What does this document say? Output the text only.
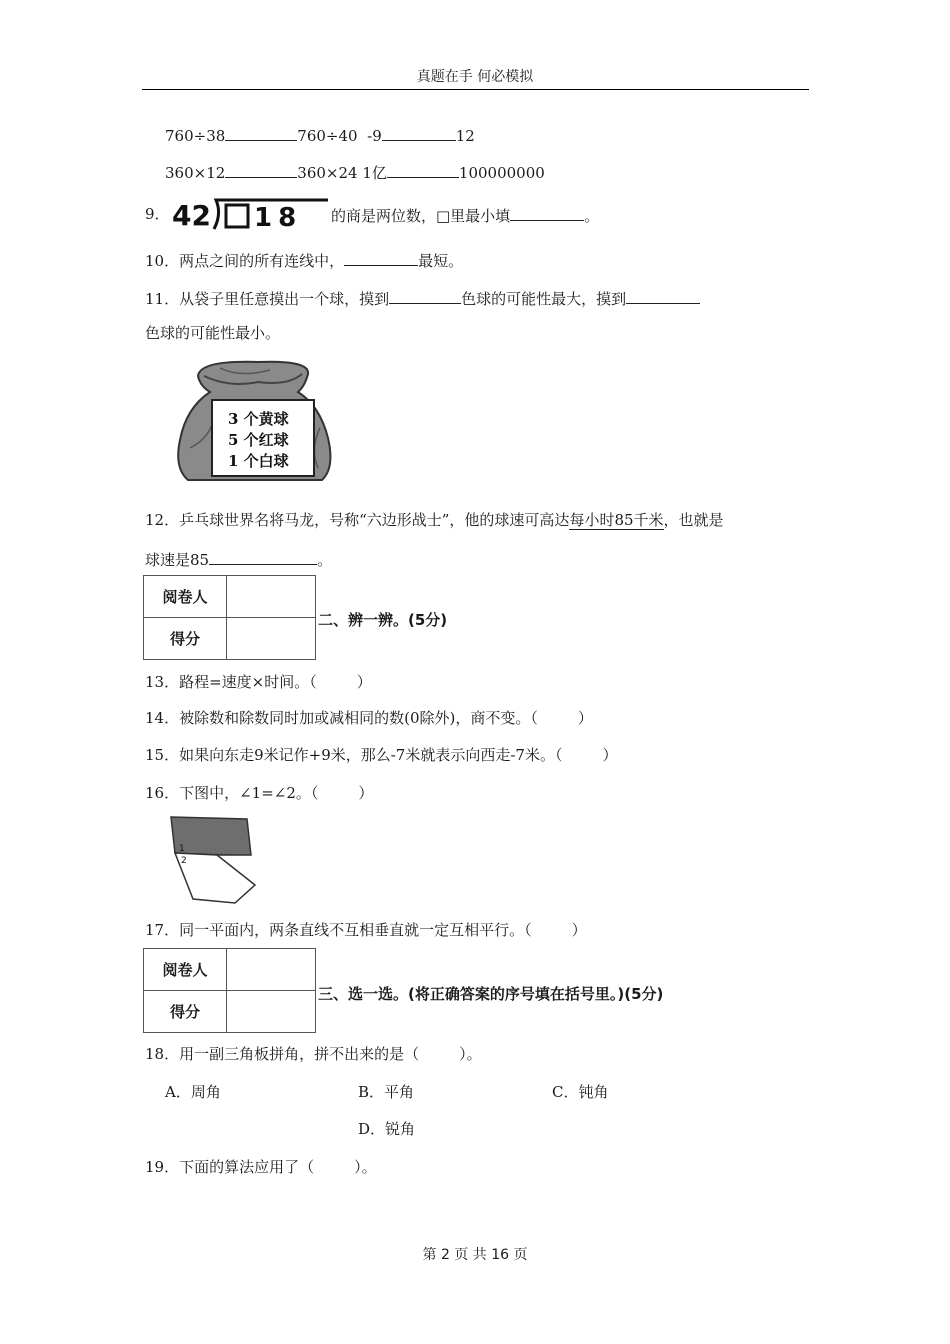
真题在手 何必模拟
760÷38	760÷40 -9	12
360×12	360×24 1亿	100000000
9． 42 18 的商是两位数，□里最小填	。
10．两点之间的所有连线中，	最短。
11．从袋子里任意摸出一个球，摸到	色球的可能性最大，摸到
色球的可能性最小。
3 个黄球
5 个红球
1 个白球
12．乒乓球世界名将马龙，号称“六边形战士”，他的球速可高达每小时85千米，也就是
球速是85	。
阅卷人	
得分	
二、辨一辨。(5分)
13．路程=速度×时间。（	）
14．被除数和除数同时加或减相同的数(0除外)，商不变。（	）
15．如果向东走9米记作+9米，那么-7米就表示向西走-7米。（	）
16．下图中，∠1=∠2。（	）
1
2
17．同一平面内，两条直线不互相垂直就一定互相平行。（	）
阅卷人	
得分	
三、选一选。(将正确答案的序号填在括号里。)(5分)
18．用一副三角板拼角，拼不出来的是（	）。
A．周角	B．平角	C．钝角
D．锐角
19．下面的算法应用了（	）。
第 2 页 共 16 页
